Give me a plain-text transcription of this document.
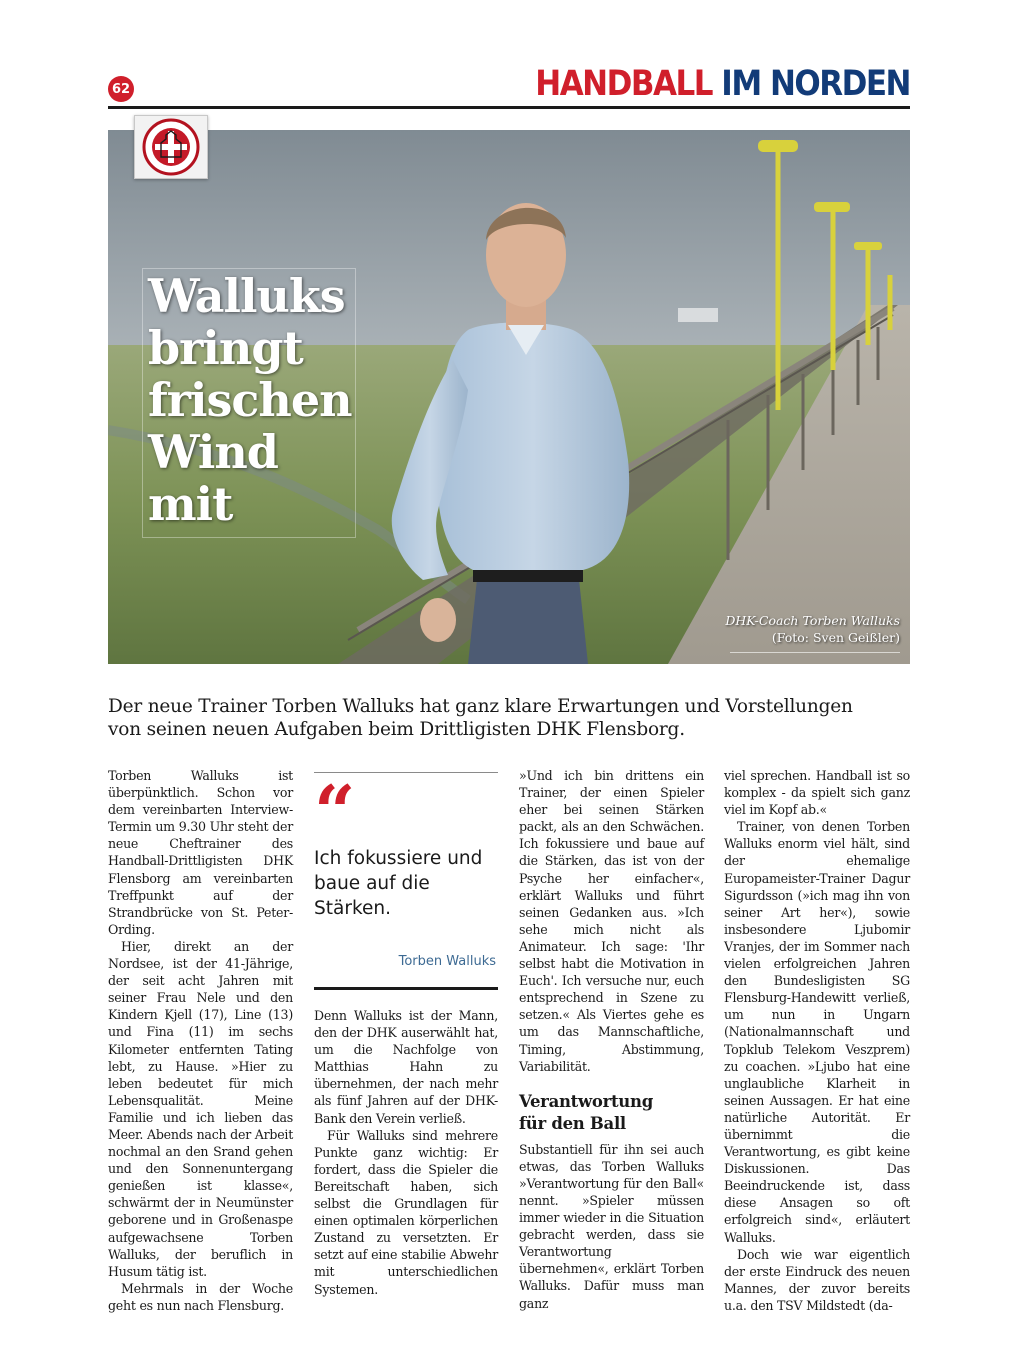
62	HANDBALL IM NORDEN
Walluks
bringt
frischen
Wind
mit
DHK-Coach Torben Walluks
(Foto: Sven Geißler)
Der neue Trainer Torben Walluks hat ganz klare Erwartungen und Vorstellungen
von seinen neuen Aufgaben beim Drittligisten DHK Flensborg.

Torben Walluks ist überpünktlich. Schon vor dem vereinbarten Interview-Termin um 9.30 Uhr steht der neue Cheftrainer des Handball-Drittligisten DHK Flensborg am vereinbarten Treffpunkt auf der Strandbrücke von St. Peter-Ording.

Hier, direkt an der Nordsee, ist der 41-Jährige, der seit acht Jahren mit seiner Frau Nele und den Kindern Kjell (17), Line (13) und Fina (11) im sechs Kilometer entfernten Tating lebt, zu Hause. »Hier zu leben bedeutet für mich Lebensqualität. Meine Familie und ich lieben das Meer. Abends nach der Arbeit nochmal an den Srand gehen und den Sonnenuntergang genießen ist klasse«, schwärmt der in Neumünster geborene und in Großenaspe aufgewachsene Torben Walluks, der beruflich in Husum tätig ist.

Mehrmals in der Woche geht es nun nach Flensburg.

“
Ich fokussiere und baue auf die Stärken.
Torben Walluks

Denn Walluks ist der Mann, den der DHK auserwählt hat, um die Nachfolge von Matthias Hahn zu übernehmen, der nach mehr als fünf Jahren auf der DHK-Bank den Verein verließ.

Für Walluks sind mehrere Punkte ganz wichtig: Er fordert, dass die Spieler die Bereitschaft haben, sich selbst die Grundlagen für einen optimalen körperlichen Zustand zu versetzten. Er setzt auf eine stabilie Abwehr mit unterschiedlichen Systemen.

»Und ich bin drittens ein Trainer, der einen Spieler eher bei seinen Stärken packt, als an den Schwächen. Ich fokussiere und baue auf die Stärken, das ist von der Psyche her einfacher«, erklärt Walluks und führt seinen Gedanken aus. »Ich sehe mich nicht als Animateur. Ich sage: 'Ihr selbst habt die Motivation in Euch'. Ich versuche nur, euch entsprechend in Szene zu setzen.« Als Viertes gehe es um das Mannschaftliche, Timing, Abstimmung, Variabilität.

Verantwortung
für den Ball

Substantiell für ihn sei auch etwas, das Torben Walluks »Verantwortung für den Ball« nennt. »Spieler müssen immer wieder in die Situation gebracht werden, dass sie Verantwortung übernehmen«, erklärt Torben Walluks. Dafür muss man ganz

viel sprechen. Handball ist so komplex - da spielt sich ganz viel im Kopf ab.«

Trainer, von denen Torben Walluks enorm viel hält, sind der ehemalige Europameister-Trainer Dagur Sigurdsson (»ich mag ihn von seiner Art her«), sowie insbesondere Ljubomir Vranjes, der im Sommer nach vielen erfolgreichen Jahren den Bundesligisten SG Flensburg-Handewitt verließ, um nun in Ungarn (Nationalmannschaft und Topklub Telekom Veszprem) zu coachen. »Ljubo hat eine unglaubliche Klarheit in seinen Aussagen. Er hat eine natürliche Autorität. Er übernimmt die Verantwortung, es gibt keine Diskussionen. Das Beeindruckende ist, dass diese Ansagen so oft erfolgreich sind«, erläutert Walluks.

Doch wie war eigentlich der erste Eindruck des neuen Mannes, der zuvor bereits u.a. den TSV Mildstedt (da-
